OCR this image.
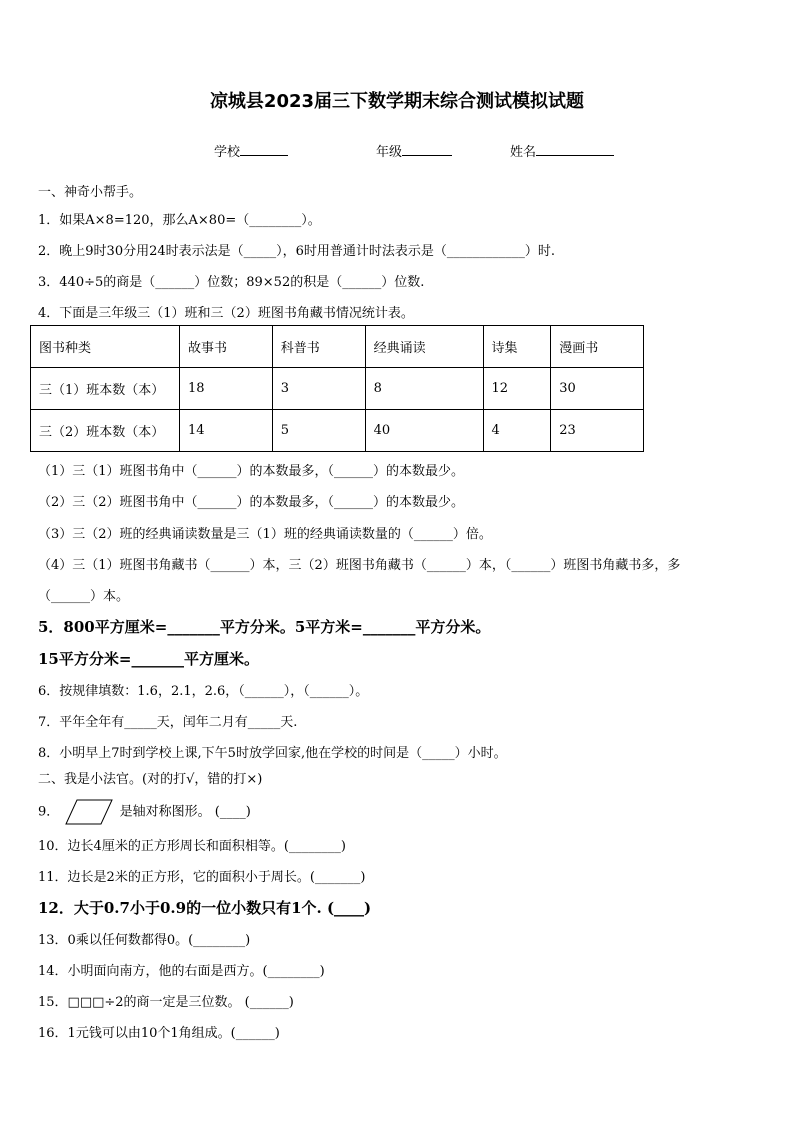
凉城县2023届三下数学期末综合测试模拟试题
学校	年级	姓名
一、神奇小帮手。
1．如果A×8=120，那么A×80=（________）。
2．晚上9时30分用24时表示法是（_____），6时用普通计时法表示是（____________）时.
3．440÷5的商是（______）位数；89×52的积是（______）位数.
4．下面是三年级三（1）班和三（2）班图书角藏书情况统计表。
图书种类	故事书	科普书	经典诵读	诗集	漫画书
三（1）班本数（本）	18	3	8	12	30
三（2）班本数（本）	14	5	40	4	23
（1）三（1）班图书角中（______）的本数最多，（______）的本数最少。
（2）三（2）班图书角中（______）的本数最多，（______）的本数最少。
（3）三（2）班的经典诵读数量是三（1）班的经典诵读数量的（______）倍。
（4）三（1）班图书角藏书（______）本，三（2）班图书角藏书（______）本，（______）班图书角藏书多，多
（______）本。
5．800平方厘米=_______平方分米。5平方米=_______平方分米。
15平方分米=_______平方厘米。
6．按规律填数：1.6，2.1，2.6，（______），（______）。
7．平年全年有_____天，闰年二月有_____天.
8．小明早上7时到学校上课,下午5时放学回家,他在学校的时间是（_____）小时。
二、我是小法官。(对的打√，错的打×)
9．	是轴对称图形。 (____)
10．边长4厘米的正方形周长和面积相等。(________)
11．边长是2米的正方形，它的面积小于周长。(_______)
12．大于0.7小于0.9的一位小数只有1个. (____)
13．0乘以任何数都得0。(________)
14．小明面向南方，他的右面是西方。(________)
15．□□□÷2的商一定是三位数。 (______)
16．1元钱可以由10个1角组成。(______)
